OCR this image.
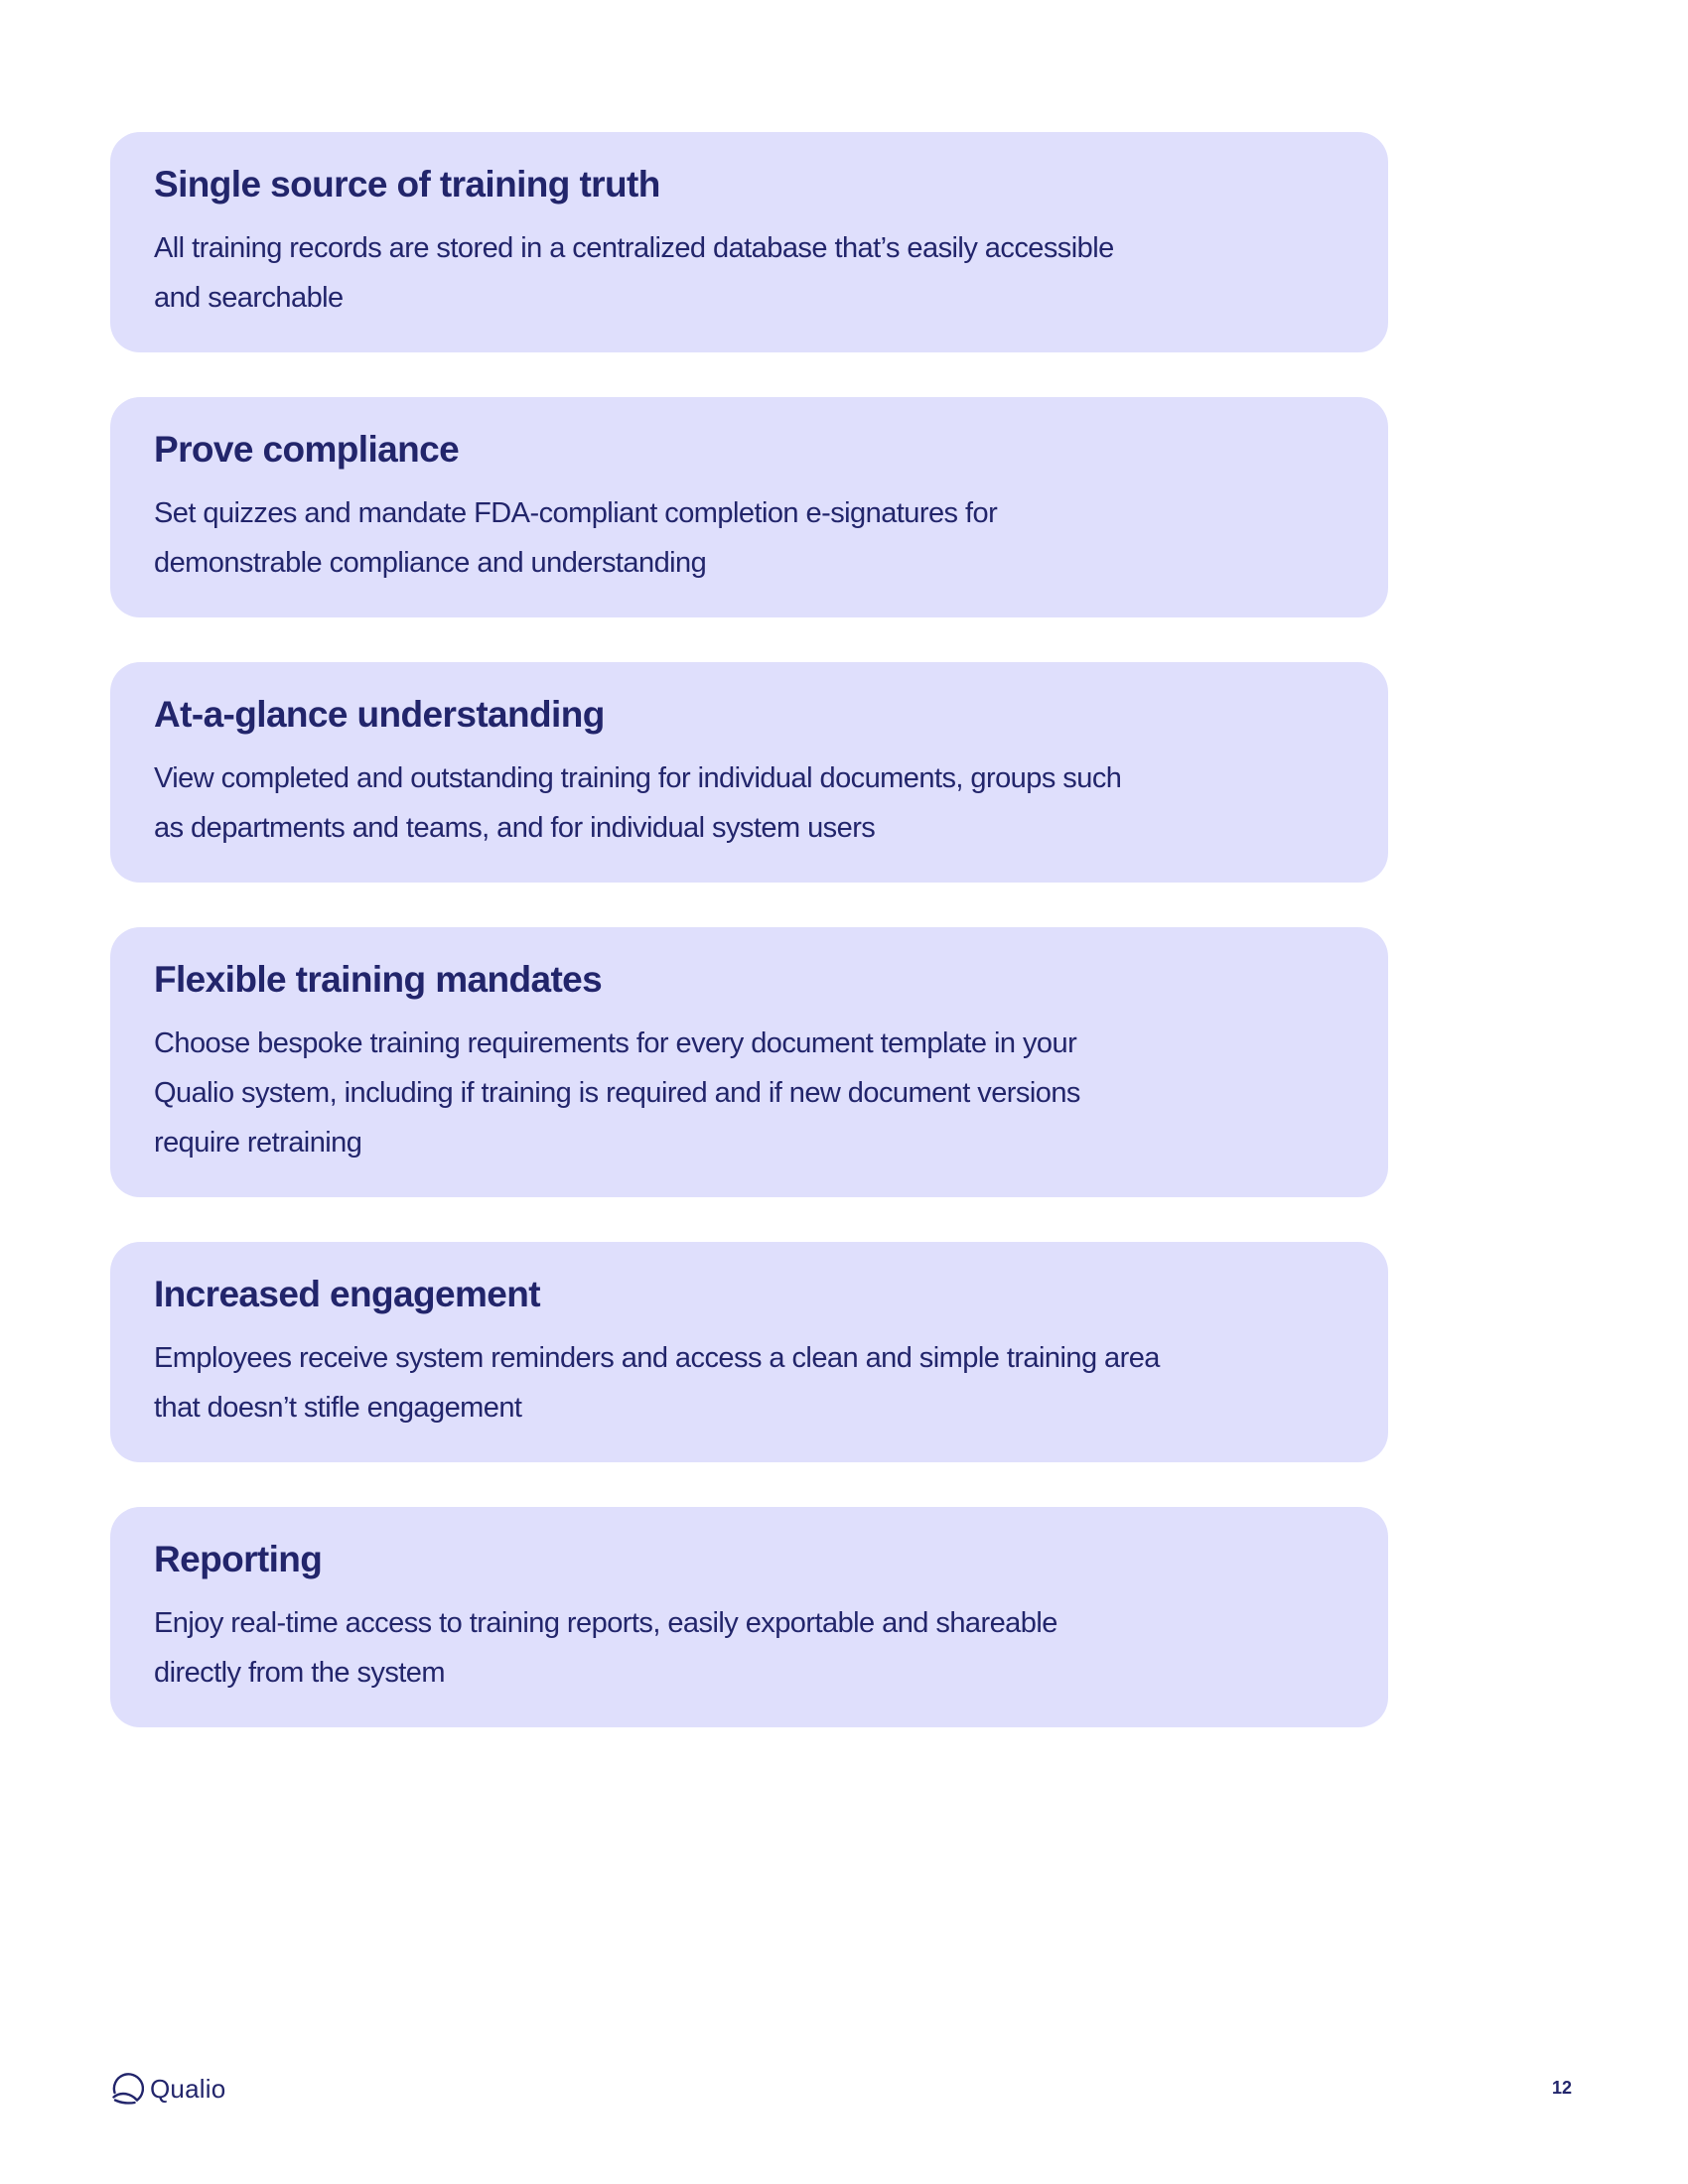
Single source of training truth
All training records are stored in a centralized database that’s easily accessible
and searchable
Prove compliance
Set quizzes and mandate FDA-compliant completion e-signatures for
demonstrable compliance and understanding
At-a-glance understanding
View completed and outstanding training for individual documents, groups such
as departments and teams, and for individual system users
Flexible training mandates
Choose bespoke training requirements for every document template in your
Qualio system, including if training is required and if new document versions
require retraining
Increased engagement
Employees receive system reminders and access a clean and simple training area
that doesn’t stifle engagement
Reporting
Enjoy real-time access to training reports, easily exportable and shareable
directly from the system
Qualio	12
